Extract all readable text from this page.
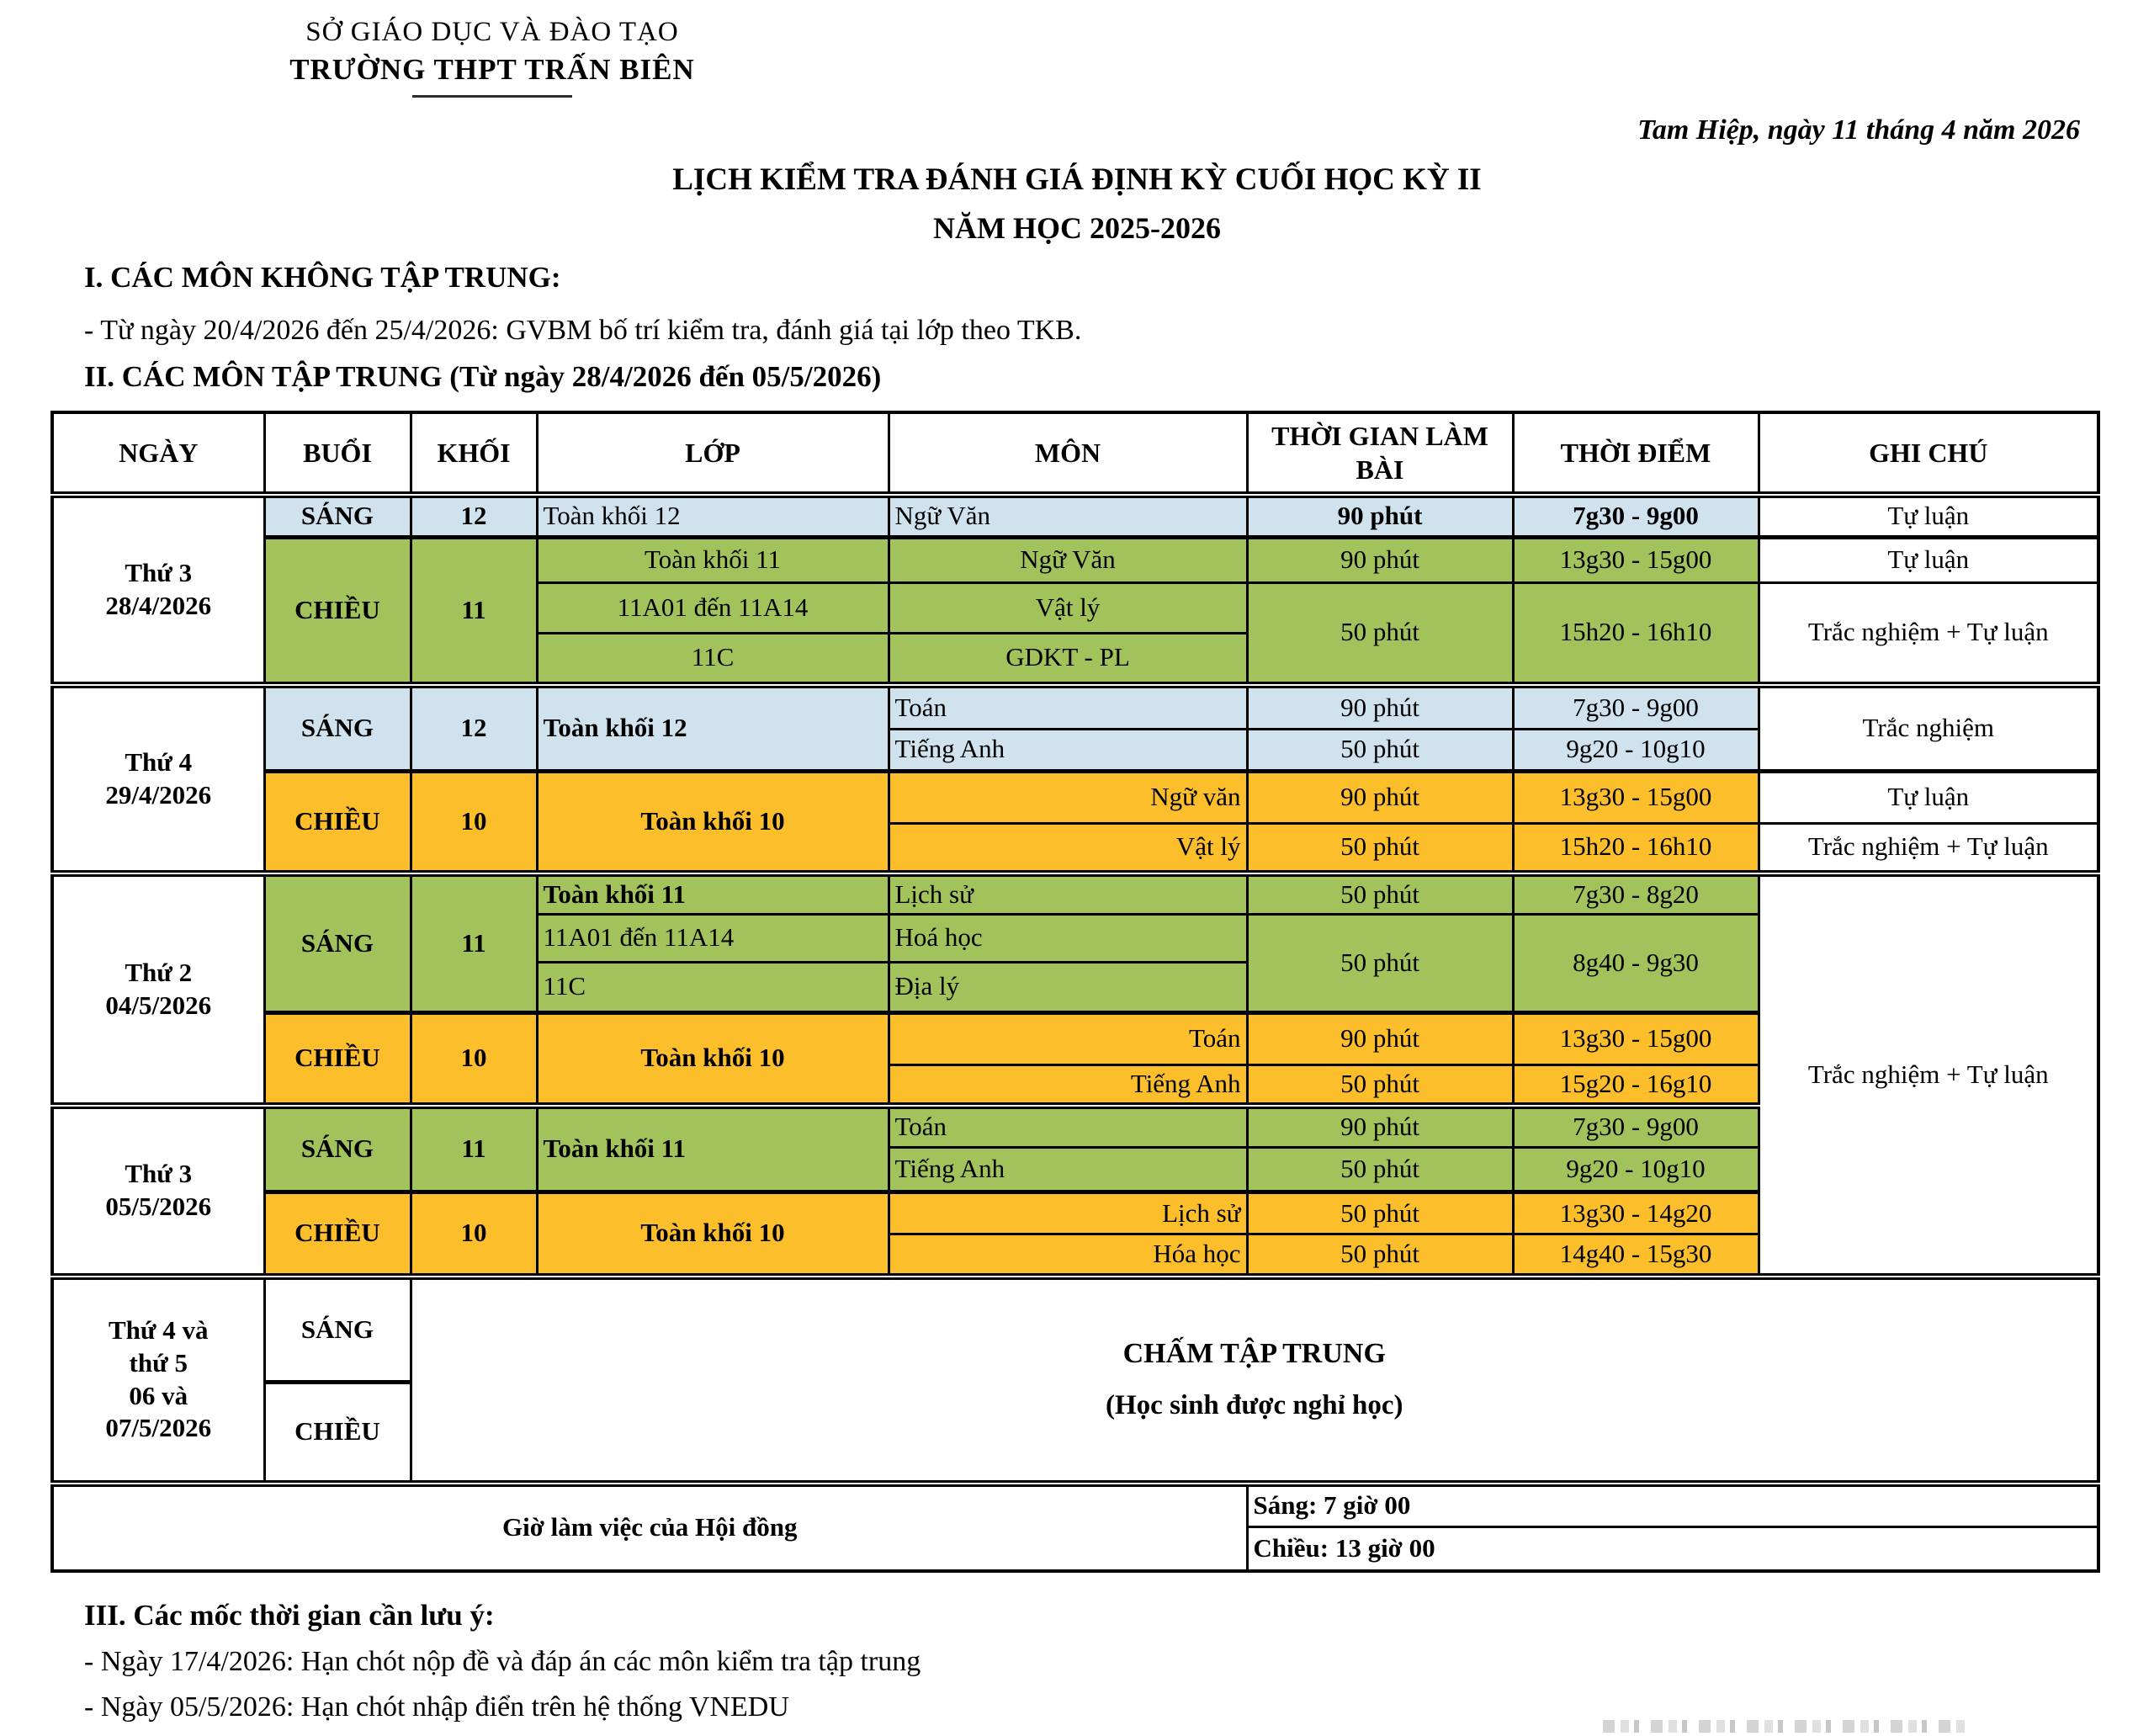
SỞ GIÁO DỤC VÀ ĐÀO TẠO
TRƯỜNG THPT TRẤN BIÊN
Tam Hiệp, ngày 11 tháng 4 năm 2026
LỊCH KIỂM TRA ĐÁNH GIÁ ĐỊNH KỲ CUỐI HỌC KỲ II
NĂM HỌC 2025-2026
I. CÁC MÔN KHÔNG TẬP TRUNG:
- Từ ngày 20/4/2026 đến 25/4/2026: GVBM bố trí kiểm tra, đánh giá tại lớp theo TKB.
II. CÁC MÔN TẬP TRUNG (Từ ngày 28/4/2026 đến 05/5/2026)
NGÀY	BUỔI	KHỐI	LỚP	MÔN	THỜI GIAN LÀM BÀI	THỜI ĐIỂM	GHI CHÚ

Thứ 3
28/4/2026	SÁNG	12	Toàn khối 12	Ngữ Văn	90 phút	7g30 - 9g00	Tự luận
	CHIỀU	11	Toàn khối 11	Ngữ Văn	90 phút	13g30 - 15g00	Tự luận
			11A01 đến 11A14	Vật lý	50 phút	15h20 - 16h10	Trắc nghiệm + Tự luận
			11C	GDKT - PL			

Thứ 4
29/4/2026	SÁNG	12	Toàn khối 12	Toán	90 phút	7g30 - 9g00	Trắc nghiệm
				Tiếng Anh	50 phút	9g20 - 10g10	
	CHIỀU	10	Toàn khối 10	Ngữ văn	90 phút	13g30 - 15g00	Tự luận
				Vật lý	50 phút	15h20 - 16h10	Trắc nghiệm + Tự luận

Thứ 2
04/5/2026	SÁNG	11	Toàn khối 11	Lịch sử	50 phút	7g30 - 8g20	Trắc nghiệm + Tự luận
			11A01 đến 11A14	Hoá học	50 phút	8g40 - 9g30	
			11C	Địa lý			
	CHIỀU	10	Toàn khối 10	Toán	90 phút	13g30 - 15g00	
				Tiếng Anh	50 phút	15g20 - 16g10	

Thứ 3
05/5/2026	SÁNG	11	Toàn khối 11	Toán	90 phút	7g30 - 9g00	
				Tiếng Anh	50 phút	9g20 - 10g10	
	CHIỀU	10	Toàn khối 10	Lịch sử	50 phút	13g30 - 14g20	
				Hóa học	50 phút	14g40 - 15g30	

Thứ 4 và
thứ 5
06 và
07/5/2026
	SÁNG	
CHẤM TẬP TRUNG
(Học sinh được nghỉ học)

	CHIỀU						
Giờ làm việc của Hội đồng					Sáng: 7 giờ 00		
					Chiều: 13 giờ 00		
III. Các mốc thời gian cần lưu ý:
- Ngày 17/4/2026: Hạn chót nộp đề và đáp án các môn kiểm tra tập trung
- Ngày 05/5/2026: Hạn chót nhập điển trên hệ thống VNEDU
